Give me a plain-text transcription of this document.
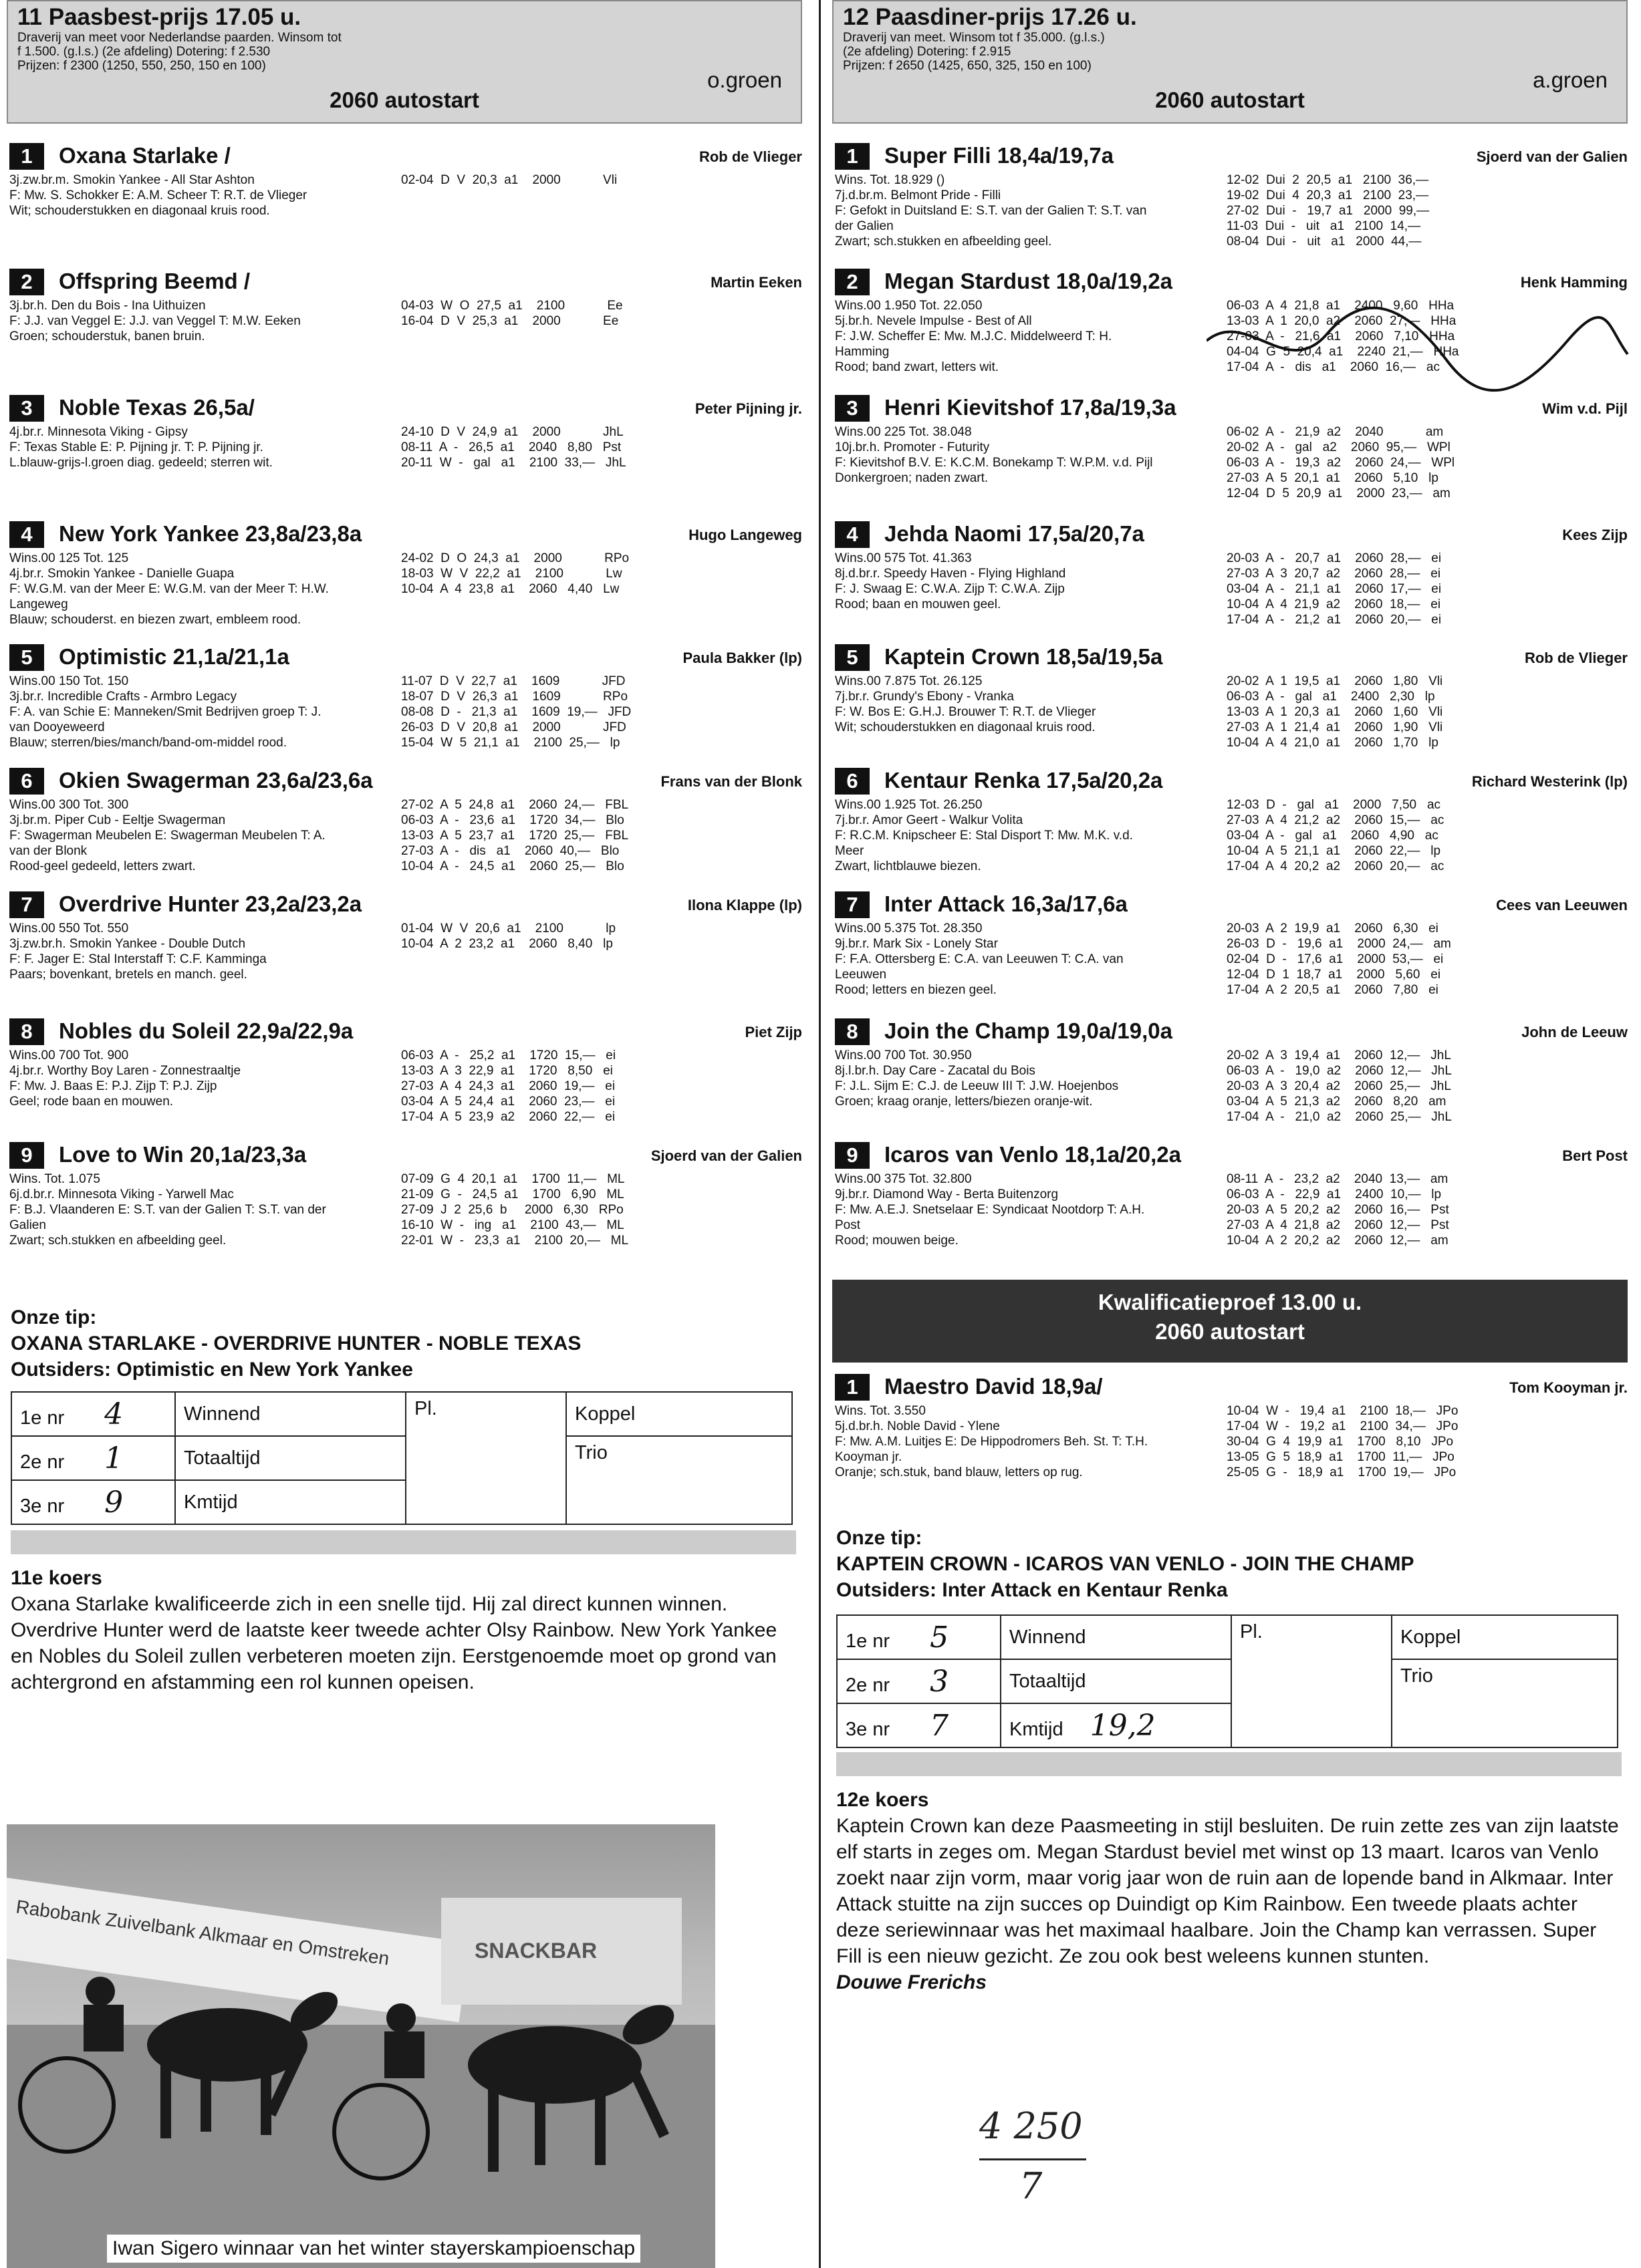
11 Paasbest-prijs 17.05 u.
Draverij van meet voor Nederlandse paarden. Winsom tot
f 1.500. (g.l.s.) (2e afdeling) Dotering: f 2.530
Prijzen: f 2300 (1250, 550, 250, 150 en 100)
2060 autostart
o.groen
1	Oxana Starlake /	Rob de Vlieger
3j.zw.br.m. Smokin Yankee - All Star Ashton
F: Mw. S. Schokker E: A.M. Scheer T: R.T. de Vlieger
Wit; schouderstukken en diagonaal kruis rood.
02-04  D  V  20,3  a1    2000            Vli
2	Offspring Beemd /	Martin Eeken
3j.br.h. Den du Bois - Ina Uithuizen
F: J.J. van Veggel E: J.J. van Veggel T: M.W. Eeken
Groen; schouderstuk, banen bruin.
04-03  W  O  27,5  a1    2100            Ee
16-04  D  V  25,3  a1    2000            Ee
3	Noble Texas 26,5a/	Peter Pijning jr.
4j.br.r. Minnesota Viking - Gipsy
F: Texas Stable E: P. Pijning jr. T: P. Pijning jr.
L.blauw-grijs-l.groen diag. gedeeld; sterren wit.
24-10  D  V  24,9  a1    2000            JhL
08-11  A  -   26,5  a1    2040   8,80   Pst
20-11  W  -   gal   a1    2100  33,—   JhL
4	New York Yankee 23,8a/23,8a	Hugo Langeweg
Wins.00 125 Tot. 125
4j.br.r. Smokin Yankee - Danielle Guapa
F: W.G.M. van der Meer E: W.G.M. van der Meer T: H.W.
Langeweg
Blauw; schouderst. en biezen zwart, embleem rood.
24-02  D  O  24,3  a1    2000            RPo
18-03  W  V  22,2  a1    2100            Lw
10-04  A  4  23,8  a1    2060   4,40   Lw
5	Optimistic 21,1a/21,1a	Paula Bakker (lp)
Wins.00 150 Tot. 150
3j.br.r. Incredible Crafts - Armbro Legacy
F: A. van Schie E: Manneken/Smit Bedrijven groep T: J.
van Dooyeweerd
Blauw; sterren/bies/manch/band-om-middel rood.
11-07  D  V  22,7  a1    1609            JFD
18-07  D  V  26,3  a1    1609            RPo
08-08  D  -   21,3  a1    1609  19,—   JFD
26-03  D  V  20,8  a1    2000            JFD
15-04  W  5  21,1  a1    2100  25,—   lp
6	Okien Swagerman 23,6a/23,6a	Frans van der Blonk
Wins.00 300 Tot. 300
3j.br.m. Piper Cub - Eeltje Swagerman
F: Swagerman Meubelen E: Swagerman Meubelen T: A.
van der Blonk
Rood-geel gedeeld, letters zwart.
27-02  A  5  24,8  a1    2060  24,—   FBL
06-03  A  -   23,6  a1    1720  34,—   Blo
13-03  A  5  23,7  a1    1720  25,—   FBL
27-03  A  -   dis   a1    2060  40,—   Blo
10-04  A  -   24,5  a1    2060  25,—   Blo
7	Overdrive Hunter 23,2a/23,2a	Ilona Klappe (lp)
Wins.00 550 Tot. 550
3j.zw.br.h. Smokin Yankee - Double Dutch
F: F. Jager E: Stal Interstaff T: C.F. Kamminga
Paars; bovenkant, bretels en manch. geel.
01-04  W  V  20,6  a1    2100            lp
10-04  A  2  23,2  a1    2060   8,40   lp
8	Nobles du Soleil 22,9a/22,9a	Piet Zijp
Wins.00 700 Tot. 900
4j.br.r. Worthy Boy Laren - Zonnestraaltje
F: Mw. J. Baas E: P.J. Zijp T: P.J. Zijp
Geel; rode baan en mouwen.
06-03  A  -   25,2  a1    1720  15,—   ei
13-03  A  3  22,9  a1    1720   8,50   ei
27-03  A  4  24,3  a1    2060  19,—   ei
03-04  A  5  24,4  a1    2060  23,—   ei
17-04  A  5  23,9  a2    2060  22,—   ei
9	Love to Win 20,1a/23,3a	Sjoerd van der Galien
Wins. Tot. 1.075
6j.d.br.r. Minnesota Viking - Yarwell Mac
F: B.J. Vlaanderen E: S.T. van der Galien T: S.T. van der
Galien
Zwart; sch.stukken en afbeelding geel.
07-09  G  4  20,1  a1    1700  11,—   ML
21-09  G  -   24,5  a1    1700   6,90   ML
27-09  J  2  25,6  b     2000   6,30   RPo
16-10  W  -   ing   a1    2100  43,—   ML
22-01  W  -   23,3  a1    2100  20,—   ML
Onze tip:
OXANA STARLAKE - OVERDRIVE HUNTER - NOBLE TEXAS
Outsiders: Optimistic en New York Yankee
1e nr 4	Winnend	Pl.	Koppel
2e nr 1	Totaaltijd		Trio
3e nr 9	Kmtijd		
11e koers
Oxana Starlake kwalificeerde zich in een snelle tijd. Hij zal direct kunnen winnen. Overdrive Hunter werd de laatste keer tweede achter Olsy Rainbow. New York Yankee en Nobles du Soleil zullen verbeteren moeten zijn. Eerstgenoemde moet op grond van achtergrond en afstamming een rol kunnen opeisen.
Rabobank Zuivelbank Alkmaar en Omstreken	SNACKBAR
Iwan Sigero winnaar van het winter stayerskampioenschap
12 Paasdiner-prijs 17.26 u.
Draverij van meet. Winsom tot f 35.000. (g.l.s.)
(2e afdeling) Dotering: f 2.915
Prijzen: f 2650 (1425, 650, 325, 150 en 100)
2060 autostart
a.groen
1	Super Filli 18,4a/19,7a	Sjoerd van der Galien
Wins. Tot. 18.929 ()
7j.d.br.m. Belmont Pride - Filli
F: Gefokt in Duitsland E: S.T. van der Galien T: S.T. van
der Galien
Zwart; sch.stukken en afbeelding geel.
12-02  Dui  2  20,5  a1   2100  36,—
19-02  Dui  4  20,3  a1   2100  23,—
27-02  Dui  -   19,7  a1   2000  99,—
11-03  Dui  -   uit   a1   2100  14,—
08-04  Dui  -   uit   a1   2000  44,—
2	Megan Stardust 18,0a/19,2a	Henk Hamming
Wins.00 1.950 Tot. 22.050
5j.br.h. Nevele Impulse - Best of All
F: J.W. Scheffer E: Mw. M.J.C. Middelweerd T: H.
Hamming
Rood; band zwart, letters wit.
06-03  A  4  21,8  a1    2400   9,60   HHa
13-03  A  1  20,0  a2    2060  27,—   HHa
27-03  A  -   21,6  a1    2060   7,10   HHa
04-04  G  5  20,4  a1    2240  21,—   HHa
17-04  A  -   dis   a1    2060  16,—   ac
3	Henri Kievitshof 17,8a/19,3a	Wim v.d. Pijl
Wins.00 225 Tot. 38.048
10j.br.h. Promoter - Futurity
F: Kievitshof B.V. E: K.C.M. Bonekamp T: W.P.M. v.d. Pijl
Donkergroen; naden zwart.
06-02  A  -   21,9  a2    2040            am
20-02  A  -   gal   a2    2060  95,—   WPl
06-03  A  -   19,3  a2    2060  24,—   WPl
27-03  A  5  20,1  a1    2060   5,10   lp
12-04  D  5  20,9  a1    2000  23,—   am
4	Jehda Naomi 17,5a/20,7a	Kees Zijp
Wins.00 575 Tot. 41.363
8j.d.br.r. Speedy Haven - Flying Highland
F: J. Swaag E: C.W.A. Zijp T: C.W.A. Zijp
Rood; baan en mouwen geel.
20-03  A  -   20,7  a1    2060  28,—   ei
27-03  A  3  20,7  a2    2060  28,—   ei
03-04  A  -   21,1  a1    2060  17,—   ei
10-04  A  4  21,9  a2    2060  18,—   ei
17-04  A  -   21,2  a1    2060  20,—   ei
5	Kaptein Crown 18,5a/19,5a	Rob de Vlieger
Wins.00 7.875 Tot. 26.125
7j.br.r. Grundy's Ebony - Vranka
F: W. Bos E: G.H.J. Brouwer T: R.T. de Vlieger
Wit; schouderstukken en diagonaal kruis rood.
20-02  A  1  19,5  a1    2060   1,80   Vli
06-03  A  -   gal   a1    2400   2,30   lp
13-03  A  1  20,3  a1    2060   1,60   Vli
27-03  A  1  21,4  a1    2060   1,90   Vli
10-04  A  4  21,0  a1    2060   1,70   lp
6	Kentaur Renka 17,5a/20,2a	Richard Westerink (lp)
Wins.00 1.925 Tot. 26.250
7j.br.r. Amor Geert - Walkur Volita
F: R.C.M. Knipscheer E: Stal Disport T: Mw. M.K. v.d.
Meer
Zwart, lichtblauwe biezen.
12-03  D  -   gal   a1    2000   7,50   ac
27-03  A  4  21,2  a2    2060  15,—   ac
03-04  A  -   gal   a1    2060   4,90   ac
10-04  A  5  21,1  a1    2060  22,—   lp
17-04  A  4  20,2  a2    2060  20,—   ac
7	Inter Attack 16,3a/17,6a	Cees van Leeuwen
Wins.00 5.375 Tot. 28.350
9j.br.r. Mark Six - Lonely Star
F: F.A. Ottersberg E: C.A. van Leeuwen T: C.A. van
Leeuwen
Rood; letters en biezen geel.
20-03  A  2  19,9  a1    2060   6,30   ei
26-03  D  -   19,6  a1    2000  24,—   am
02-04  D  -   17,6  a1    2000  53,—   ei
12-04  D  1  18,7  a1    2000   5,60   ei
17-04  A  2  20,5  a1    2060   7,80   ei
8	Join the Champ 19,0a/19,0a	John de Leeuw
Wins.00 700 Tot. 30.950
8j.l.br.h. Day Care - Zacatal du Bois
F: J.L. Sijm E: C.J. de Leeuw III T: J.W. Hoejenbos
Groen; kraag oranje, letters/biezen oranje-wit.
20-02  A  3  19,4  a1    2060  12,—   JhL
06-03  A  -   19,0  a2    2060  12,—   JhL
20-03  A  3  20,4  a2    2060  25,—   JhL
03-04  A  5  21,3  a2    2060   8,20   am
17-04  A  -   21,0  a2    2060  25,—   JhL
9	Icaros van Venlo 18,1a/20,2a	Bert Post
Wins.00 375 Tot. 32.800
9j.br.r. Diamond Way - Berta Buitenzorg
F: Mw. A.E.J. Snetselaar E: Syndicaat Nootdorp T: A.H.
Post
Rood; mouwen beige.
08-11  A  -   23,2  a2    2040  13,—   am
06-03  A  -   22,9  a1    2400  10,—   lp
20-03  A  5  20,2  a2    2060  16,—   Pst
27-03  A  4  21,8  a2    2060  12,—   Pst
10-04  A  2  20,2  a2    2060  12,—   am
Kwalificatieproef 13.00 u.
2060 autostart
1	Maestro David 18,9a/	Tom Kooyman jr.
Wins. Tot. 3.550
5j.d.br.h. Noble David - Ylene
F: Mw. A.M. Luitjes E: De Hippodromers Beh. St. T: T.H.
Kooyman jr.
Oranje; sch.stuk, band blauw, letters op rug.
10-04  W  -   19,4  a1    2100  18,—   JPo
17-04  W  -   19,2  a1    2100  34,—   JPo
30-04  G  4  19,9  a1    1700   8,10   JPo
13-05  G  5  18,9  a1    1700  11,—   JPo
25-05  G  -   18,9  a1    1700  19,—   JPo
Onze tip:
KAPTEIN CROWN - ICAROS VAN VENLO - JOIN THE CHAMP
Outsiders: Inter Attack en Kentaur Renka
1e nr 5	Winnend	Pl.	Koppel
2e nr 3	Totaaltijd		Trio
3e nr 7	Kmtijd 19,2		
12e koers
Kaptein Crown kan deze Paasmeeting in stijl besluiten. De ruin zette zes van zijn laatste elf starts in zeges om. Megan Stardust beviel met winst op 13 maart. Icaros van Venlo zoekt naar zijn vorm, maar vorig jaar won de ruin aan de lopende band in Alkmaar. Inter Attack stuitte na zijn succes op Duindigt op Kim Rainbow. Een tweede plaats achter deze seriewinnaar was het maximaal haalbare. Join the Champ kan verrassen. Super Fill is een nieuw gezicht. Ze zou ook best weleens kunnen stunten.
Douwe Frerichs
4 250
7
